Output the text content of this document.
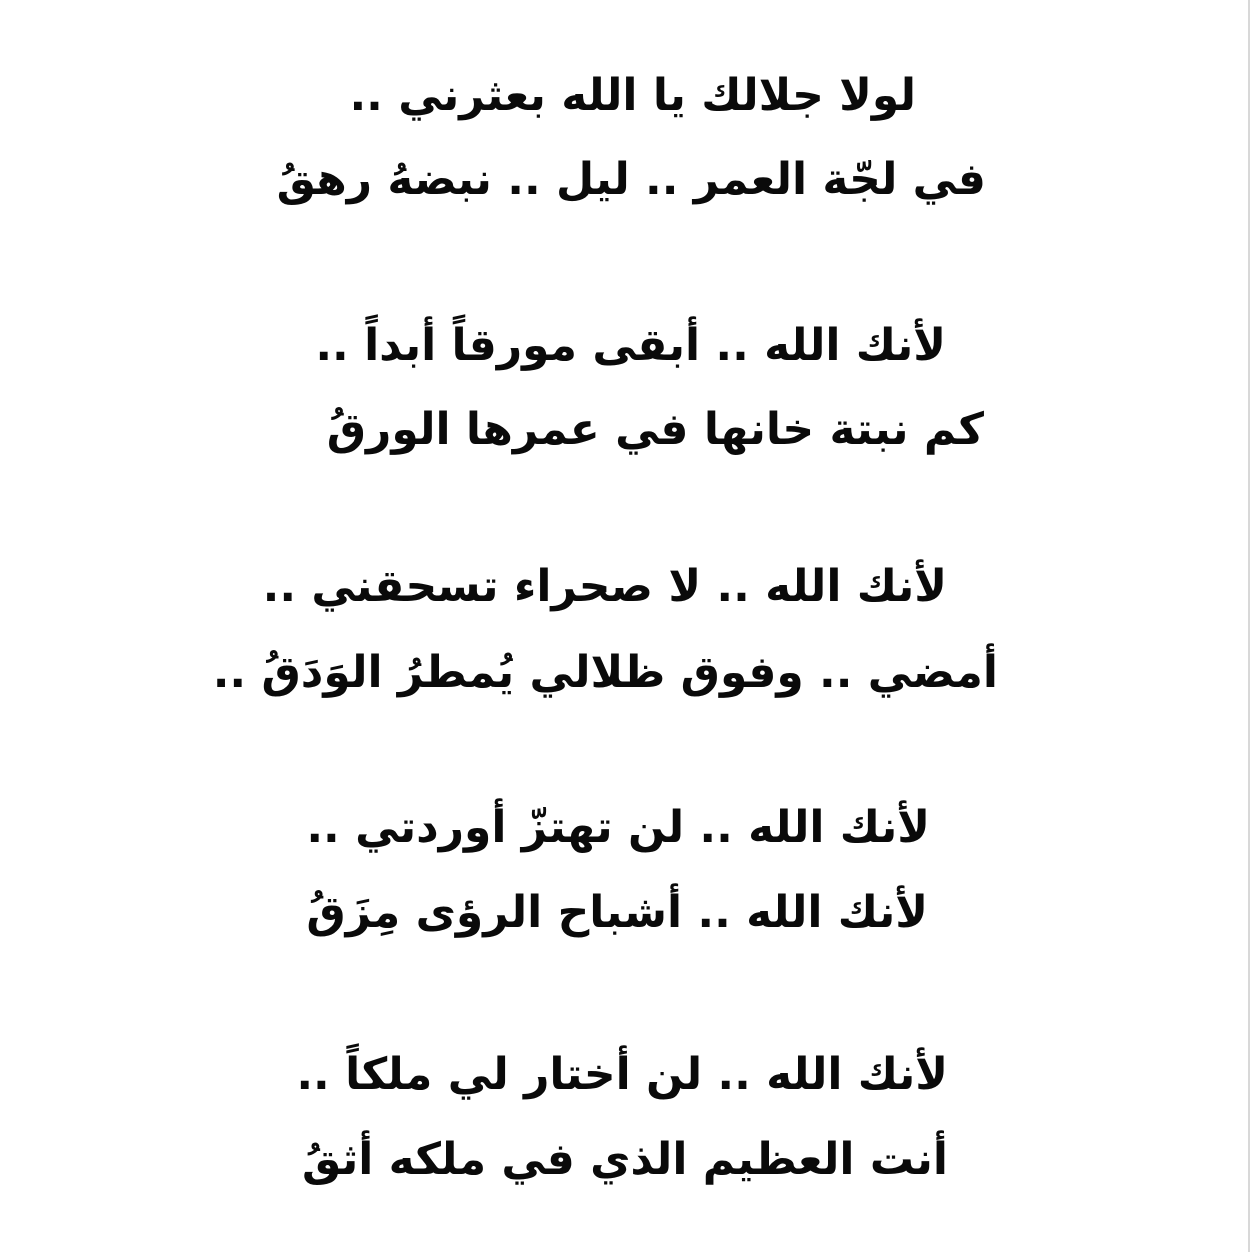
لولا جلالك يا الله بعثرني ..

في لجّة العمر .. ليل .. نبضهُ رهقُ

لأنك الله .. أبقى مورقاً أبداً ..

كم نبتة خانها في عمرها الورقُ

لأنك الله .. لا صحراء تسحقني ..

أمضي .. وفوق ظلالي يُمطرُ الوَدَقُ ..

لأنك الله .. لن تهتزّ أوردتي ..

لأنك الله .. أشباح الرؤى مِزَقُ

لأنك الله .. لن أختار لي ملكاً ..

أنت العظيم الذي في ملكه أثقُ
